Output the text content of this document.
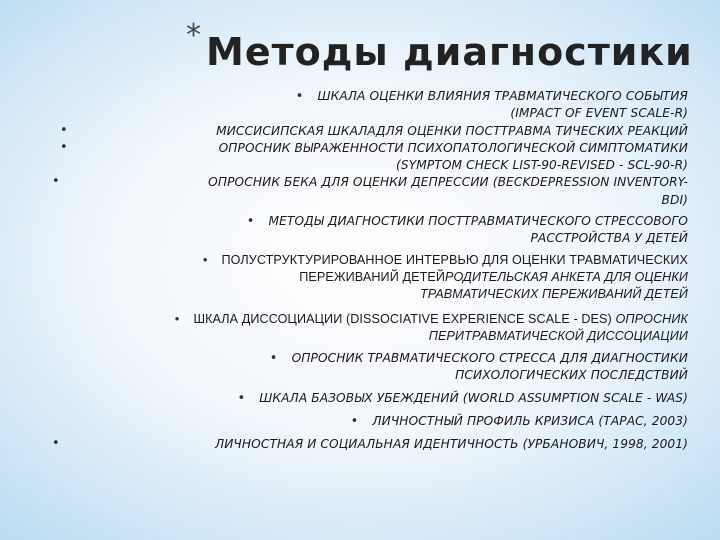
* Методы диагностики
• ШКАЛА ОЦЕНКИ ВЛИЯНИЯ ТРАВМАТИЧЕСКОГО СОБЫТИЯ
(IMPACT OF EVENT SCALE-R)
•	МИССИСИПСКАЯ ШКАЛАДЛЯ ОЦЕНКИ ПОСТТРАВМА ТИЧЕСКИХ РЕАКЦИЙ
•	ОПРОСНИК ВЫРАЖЕННОСТИ ПСИХОПАТОЛОГИЧЕСКОЙ СИМПТОМАТИКИ
(SYMPTOM CHECK LIST-90-REVISED - SCL-90-R)
•	ОПРОСНИК БЕКА ДЛЯ ОЦЕНКИ ДЕПРЕССИИ (BECKDEPRESSION INVENTORY-
BDI)
• МЕТОДЫ ДИАГНОСТИКИ ПОСТТРАВМАТИЧЕСКОГО СТРЕССОВОГО
РАССТРОЙСТВА У ДЕТЕЙ
• ПОЛУСТРУКТУРИРОВАННОЕ ИНТЕРВЬЮ ДЛЯ ОЦЕНКИ ТРАВМАТИЧЕСКИХ
ПЕРЕЖИВАНИЙ ДЕТЕЙРОДИТЕЛЬСКАЯ АНКЕТА ДЛЯ ОЦЕНКИ
ТРАВМАТИЧЕСКИХ ПЕРЕЖИВАНИЙ ДЕТЕЙ
• ШКАЛА ДИССОЦИАЦИИ (DISSOCIATIVE EXPERIENCE SCALE - DES) ОПРОСНИК
ПЕРИТРАВМАТИЧЕСКОЙ ДИССОЦИАЦИИ
• ОПРОСНИК ТРАВМАТИЧЕСКОГО СТРЕССА ДЛЯ ДИАГНОСТИКИ
ПСИХОЛОГИЧЕСКИХ ПОСЛЕДСТВИЙ
• ШКАЛА БАЗОВЫХ УБЕЖДЕНИЙ (WORLD ASSUMPTION SCALE - WAS)
• ЛИЧНОСТНЫЙ ПРОФИЛЬ КРИЗИСА (ТАРАС, 2003)
•	ЛИЧНОСТНАЯ И СОЦИАЛЬНАЯ ИДЕНТИЧНОСТЬ (УРБАНОВИЧ, 1998, 2001)
